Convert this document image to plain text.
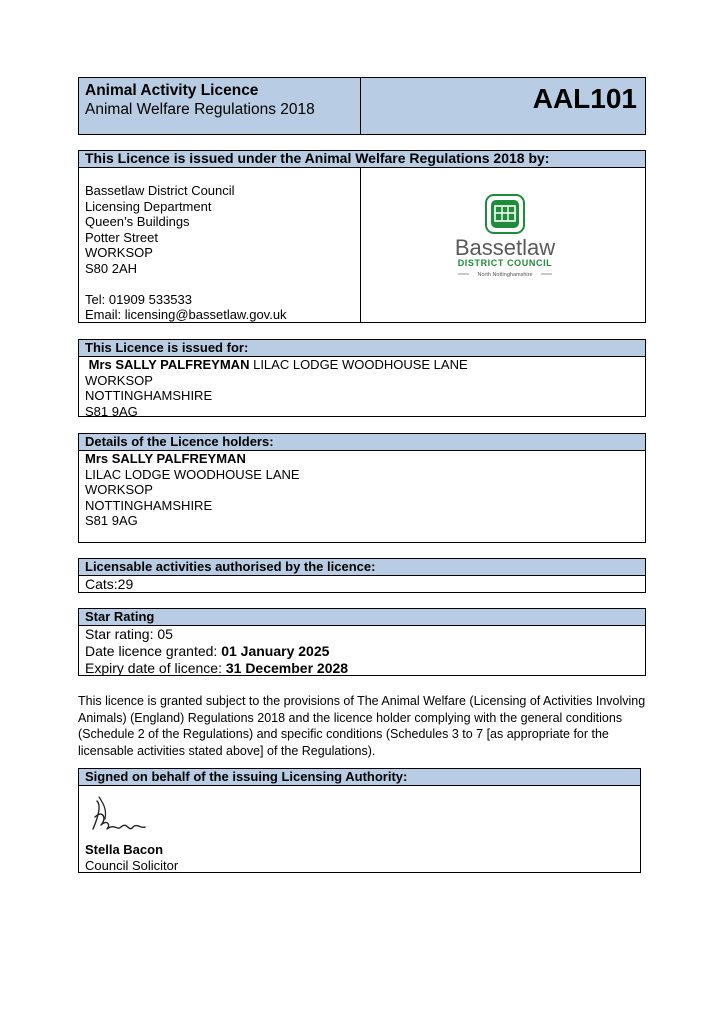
Animal Activity Licence
Animal Welfare Regulations 2018	AAL101
This Licence is issued under the Animal Welfare Regulations 2018 by:
Bassetlaw District Council
Licensing Department
Queen’s Buildings
Potter Street
WORKSOP
S80 2AH
Tel: 01909 533533
Email: licensing@bassetlaw.gov.uk
Bassetlaw
DISTRICT COUNCIL
North Nottinghamshire
This Licence is issued for:
Mrs SALLY PALFREYMAN LILAC LODGE WOODHOUSE LANE
WORKSOP
NOTTINGHAMSHIRE
S81 9AG
Details of the Licence holders:
Mrs SALLY PALFREYMAN
LILAC LODGE WOODHOUSE LANE
WORKSOP
NOTTINGHAMSHIRE
S81 9AG
Licensable activities authorised by the licence:
Cats:29
Star Rating
Star rating: 05
Date licence granted: 01 January 2025
Expiry date of licence: 31 December 2028
This licence is granted subject to the provisions of The Animal Welfare (Licensing of Activities Involving Animals) (England) Regulations 2018 and the licence holder complying with the general conditions (Schedule 2 of the Regulations) and specific conditions (Schedules 3 to 7 [as appropriate for the licensable activities stated above] of the Regulations).
Signed on behalf of the issuing Licensing Authority:
Stella Bacon
Council Solicitor
